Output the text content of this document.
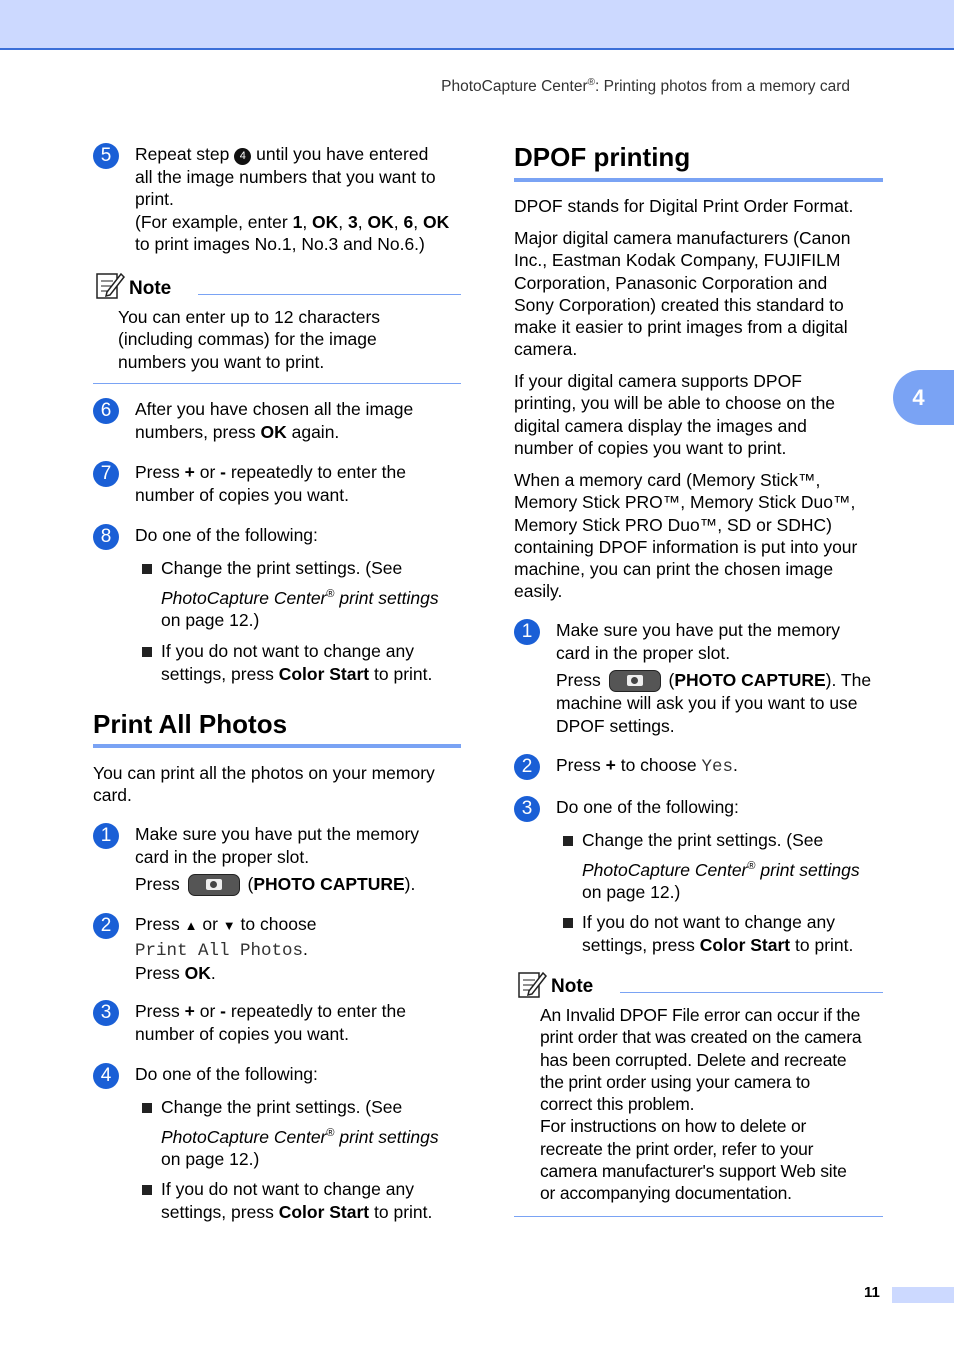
PhotoCapture Center®: Printing photos from a memory card
4
11
5	Repeat step 4 until you have entered
all the image numbers that you want to
print.
(For example, enter 1, OK, 3, OK, 6, OK
to print images No.1, No.3 and No.6.)
Note
You can enter up to 12 characters
(including commas) for the image
numbers you want to print.
6	After you have chosen all the image
numbers, press OK again.
7	Press + or - repeatedly to enter the
number of copies you want.
8	Do one of the following:
Change the print settings. (See
PhotoCapture Center® print settings
on page 12.)
If you do not want to change any
settings, press Color Start to print.
Print All Photos
You can print all the photos on your memory
card.
1	Make sure you have put the memory
card in the proper slot.
Press	(PHOTO CAPTURE).
2	Press ▲ or ▼ to choose
Print All Photos.
Press OK.
3	Press + or - repeatedly to enter the
number of copies you want.
4	Do one of the following:
Change the print settings. (See
PhotoCapture Center® print settings
on page 12.)
If you do not want to change any
settings, press Color Start to print.
DPOF printing
DPOF stands for Digital Print Order Format.
Major digital camera manufacturers (Canon
Inc., Eastman Kodak Company, FUJIFILM
Corporation, Panasonic Corporation and
Sony Corporation) created this standard to
make it easier to print images from a digital
camera.
If your digital camera supports DPOF
printing, you will be able to choose on the
digital camera display the images and
number of copies you want to print.
When a memory card (Memory Stick™,
Memory Stick PRO™, Memory Stick Duo™,
Memory Stick PRO Duo™, SD or SDHC)
containing DPOF information is put into your
machine, you can print the chosen image
easily.
1	Make sure you have put the memory
card in the proper slot.
Press	(PHOTO CAPTURE). The
machine will ask you if you want to use
DPOF settings.
2	Press + to choose Yes.
3	Do one of the following:
Change the print settings. (See
PhotoCapture Center® print settings
on page 12.)
If you do not want to change any
settings, press Color Start to print.
Note
An Invalid DPOF File error can occur if the
print order that was created on the camera
has been corrupted. Delete and recreate
the print order using your camera to
correct this problem.
For instructions on how to delete or
recreate the print order, refer to your
camera manufacturer's support Web site
or accompanying documentation.
